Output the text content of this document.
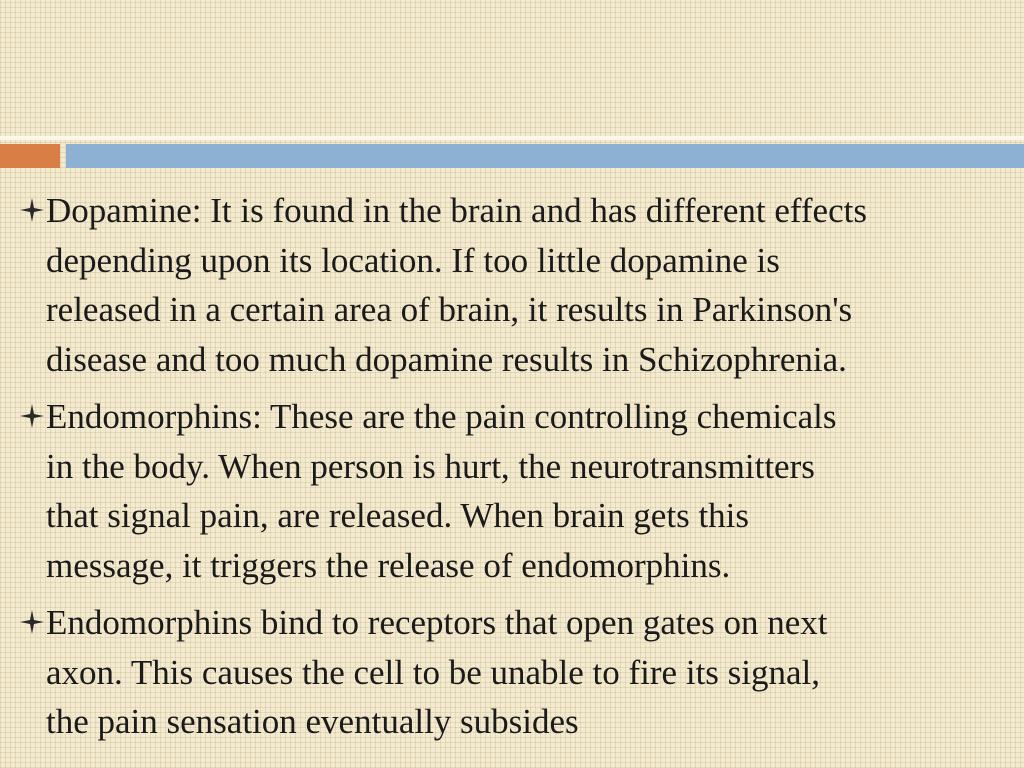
Dopamine: It is found in the brain and has different effects
depending upon its location. If too little dopamine is
released in a certain area of brain, it results in Parkinson's
disease and too much dopamine results in Schizophrenia.
Endomorphins: These are the pain controlling chemicals
in the body. When person is hurt, the neurotransmitters
that signal pain, are released. When brain gets this
message, it triggers the release of endomorphins.
Endomorphins bind to receptors that open gates on next
axon. This causes the cell to be unable to fire its signal,
the pain sensation eventually subsides
